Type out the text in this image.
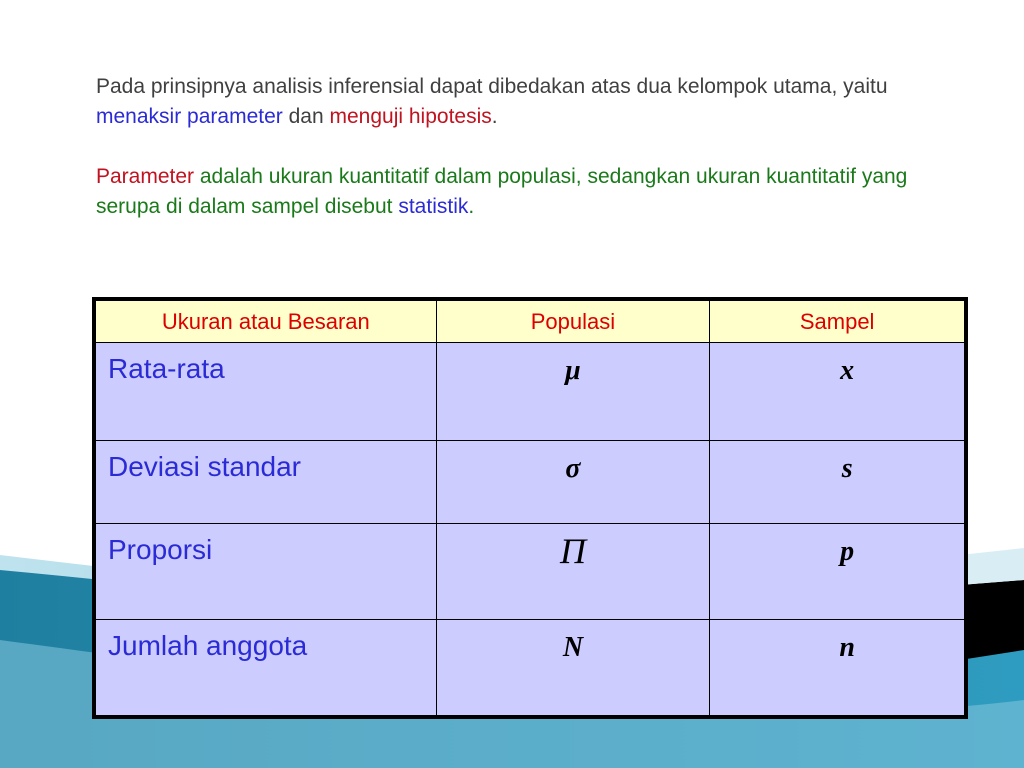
Pada prinsipnya analisis inferensial dapat dibedakan atas dua kelompok utama, yaitu menaksir parameter dan menguji hipotesis.

Parameter adalah ukuran kuantitatif dalam populasi, sedangkan ukuran kuantitatif yang serupa di dalam sampel disebut statistik.

Ukuran atau Besaran	Populasi	Sampel

Rata-rata	μ	x

Deviasi standar	σ	s

Proporsi	Π	p

Jumlah anggota	N	n
